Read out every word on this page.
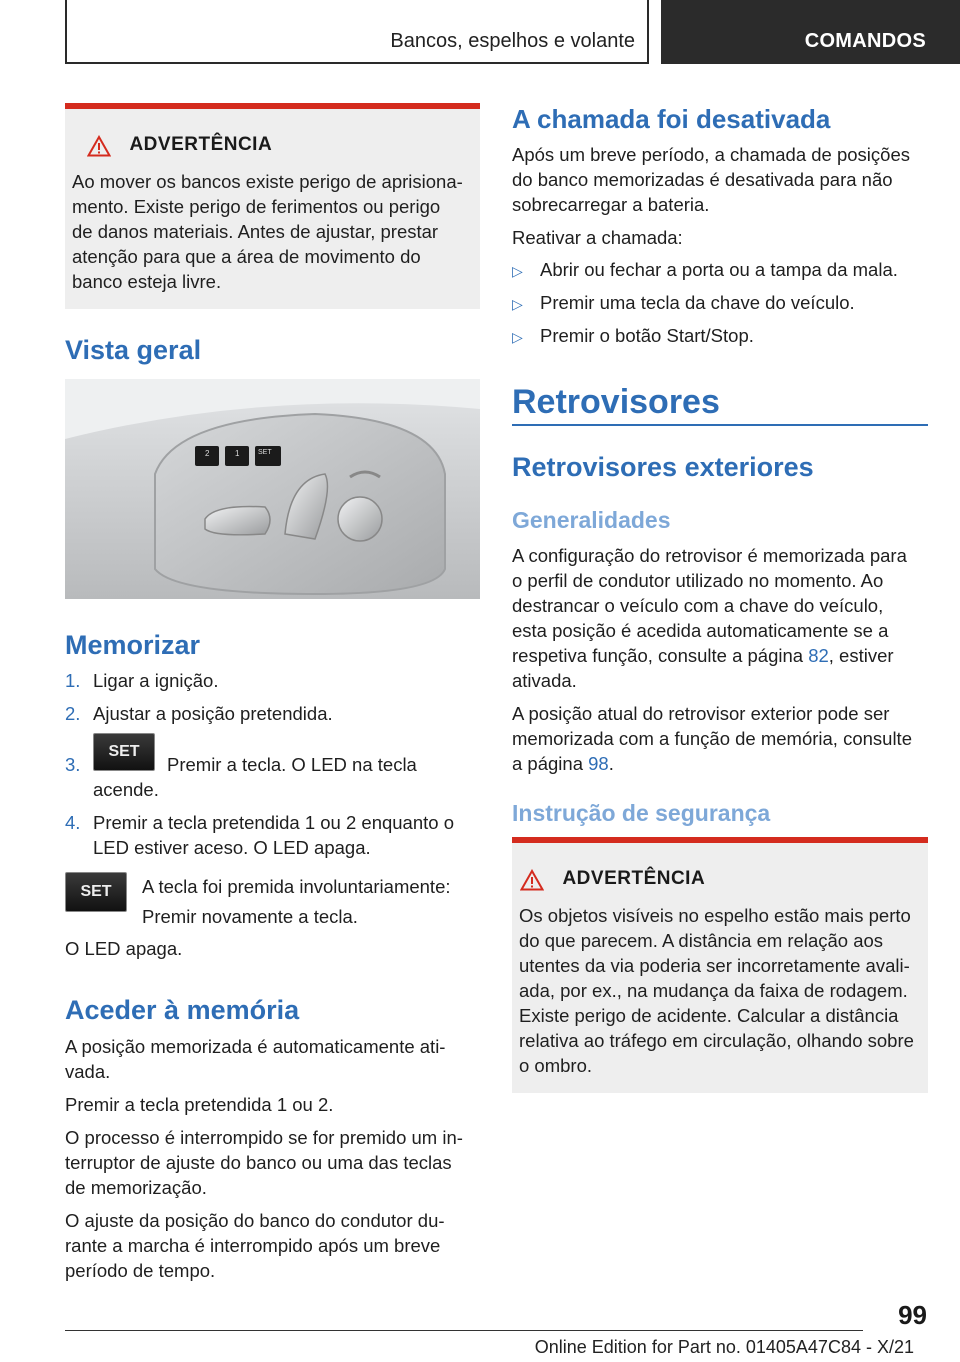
Bancos, espelhos e volante	COMANDOS
ADVERTÊNCIA

Ao mover os bancos existe perigo de aprisiona-

mento. Existe perigo de ferimentos ou perigo

de danos materiais. Antes de ajustar, prestar

atenção para que a área de movimento do

banco esteja livre.

Vista geral
2	1	SET
Memorizar
1. Ligar a ignição.
2. Ajustar a posição pretendida.
3.	Premir a tecla. O LED na tecla
SET
acende.
4. Premir a tecla pretendida 1 ou 2 enquanto o
LED estiver aceso. O LED apaga.
SET	A tecla foi premida involuntariamente:
Premir novamente a tecla.
O LED apaga.
Aceder à memória

A posição memorizada é automaticamente ati-

vada.

Premir a tecla pretendida 1 ou 2.

O processo é interrompido se for premido um in-

terruptor de ajuste do banco ou uma das teclas

de memorização.

O ajuste da posição do banco do condutor du-

rante a marcha é interrompido após um breve

período de tempo.

A chamada foi desativada

Após um breve período, a chamada de posições

do banco memorizadas é desativada para não

sobrecarregar a bateria.

Reativar a chamada:

▷ Abrir ou fechar a porta ou a tampa da mala.
▷ Premir uma tecla da chave do veículo.
▷ Premir o botão Start/Stop.
Retrovisores
Retrovisores exteriores
Generalidades

A configuração do retrovisor é memorizada para

o perfil de condutor utilizado no momento. Ao

destrancar o veículo com a chave do veículo,

esta posição é acedida automaticamente se a

respetiva função, consulte a página 82, estiver

ativada.

A posição atual do retrovisor exterior pode ser

memorizada com a função de memória, consulte

a página 98.

Instrução de segurança
ADVERTÊNCIA

Os objetos visíveis no espelho estão mais perto

do que parecem. A distância em relação aos

utentes da via poderia ser incorretamente avali-

ada, por ex., na mudança da faixa de rodagem.

Existe perigo de acidente. Calcular a distância

relativa ao tráfego em circulação, olhando sobre

o ombro.

99
Online Edition for Part no. 01405A47C84 - X/21
